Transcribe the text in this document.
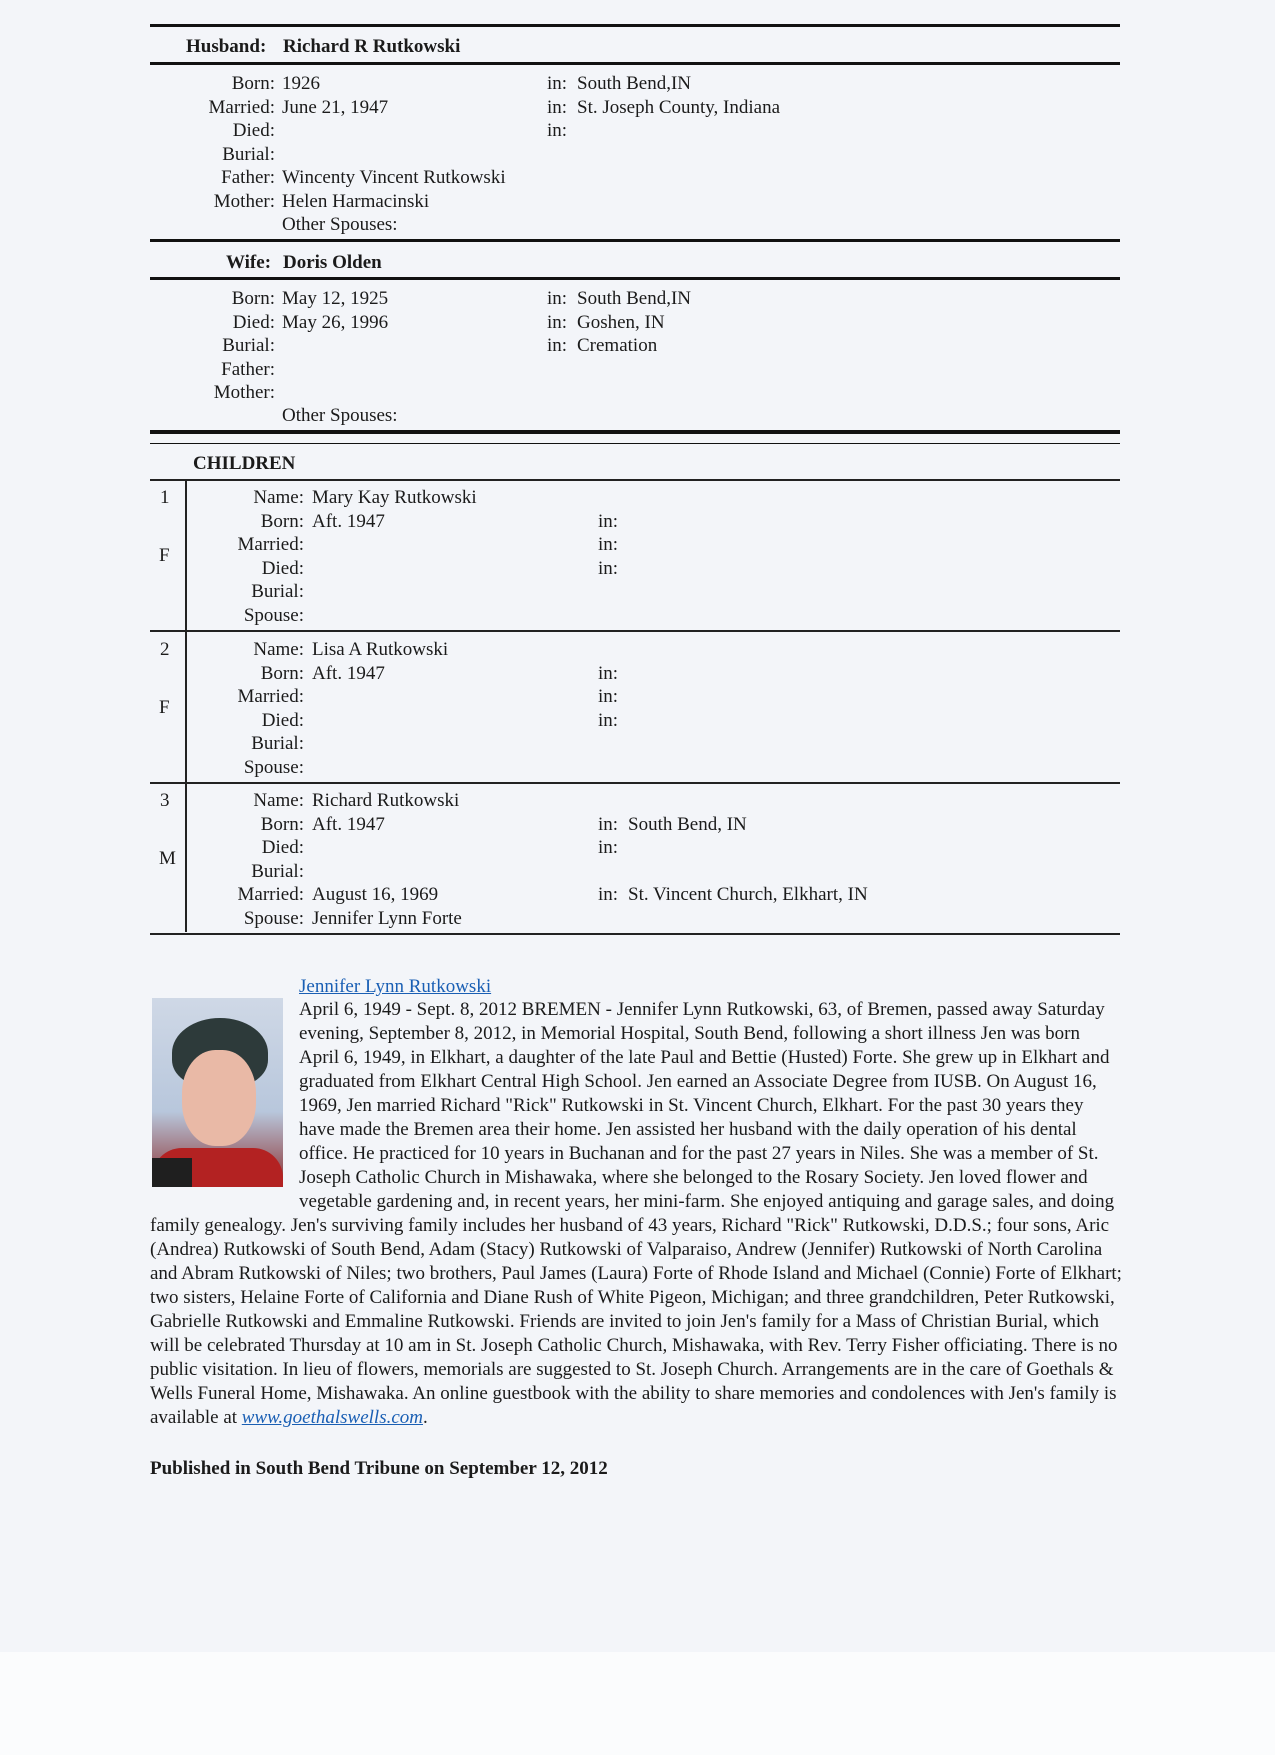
Husband: Richard R Rutkowski
Born: 1926	in: South Bend,IN
Married: June 21, 1947	in: St. Joseph County, Indiana
Died:	in:
Burial:
Father: Wincenty Vincent Rutkowski
Mother: Helen Harmacinski
Other Spouses:
Wife: Doris Olden
Born: May 12, 1925	in: South Bend,IN
Died: May 26, 1996	in: Goshen, IN
Burial:	in: Cremation
Father:
Mother:
Other Spouses:
CHILDREN
1
F
Name: Mary Kay Rutkowski
Born: Aft. 1947	in:
Married:	in:
Died:	in:
Burial:
Spouse:
2
F
Name: Lisa A Rutkowski
Born: Aft. 1947	in:
Married:	in:
Died:	in:
Burial:
Spouse:
3
M
Name: Richard Rutkowski
Born: Aft. 1947	in: South Bend, IN
Died:	in:
Burial:
Married: August 16, 1969	in: St. Vincent Church, Elkhart, IN
Spouse: Jennifer Lynn Forte
Jennifer Lynn Rutkowski

April 6, 1949 - Sept. 8, 2012 BREMEN - Jennifer Lynn Rutkowski, 63, of Bremen, passed away Saturday evening, September 8, 2012, in Memorial Hospital, South Bend, following a short illness Jen was born April 6, 1949, in Elkhart, a daughter of the late Paul and Bettie (Husted) Forte. She grew up in Elkhart and graduated from Elkhart Central High School. Jen earned an Associate Degree from IUSB. On August 16, 1969, Jen married Richard "Rick" Rutkowski in St. Vincent Church, Elkhart. For the past 30 years they have made the Bremen area their home. Jen assisted her husband with the daily operation of his dental office. He practiced for 10 years in Buchanan and for the past 27 years in Niles. She was a member of St. Joseph Catholic Church in Mishawaka, where she belonged to the Rosary Society. Jen loved flower and vegetable gardening and, in recent years, her mini-farm. She enjoyed antiquing and garage sales, and doing family genealogy. Jen's surviving family includes her husband of 43 years, Richard "Rick" Rutkowski, D.D.S.; four sons, Aric (Andrea) Rutkowski of South Bend, Adam (Stacy) Rutkowski of Valparaiso, Andrew (Jennifer) Rutkowski of North Carolina and Abram Rutkowski of Niles; two brothers, Paul James (Laura) Forte of Rhode Island and Michael (Connie) Forte of Elkhart; two sisters, Helaine Forte of California and Diane Rush of White Pigeon, Michigan; and three grandchildren, Peter Rutkowski, Gabrielle Rutkowski and Emmaline Rutkowski. Friends are invited to join Jen's family for a Mass of Christian Burial, which will be celebrated Thursday at 10 am in St. Joseph Catholic Church, Mishawaka, with Rev. Terry Fisher officiating. There is no public visitation. In lieu of flowers, memorials are suggested to St. Joseph Church. Arrangements are in the care of Goethals & Wells Funeral Home, Mishawaka. An online guestbook with the ability to share memories and condolences with Jen's family is available at www.goethalswells.com.

Published in South Bend Tribune on September 12, 2012
